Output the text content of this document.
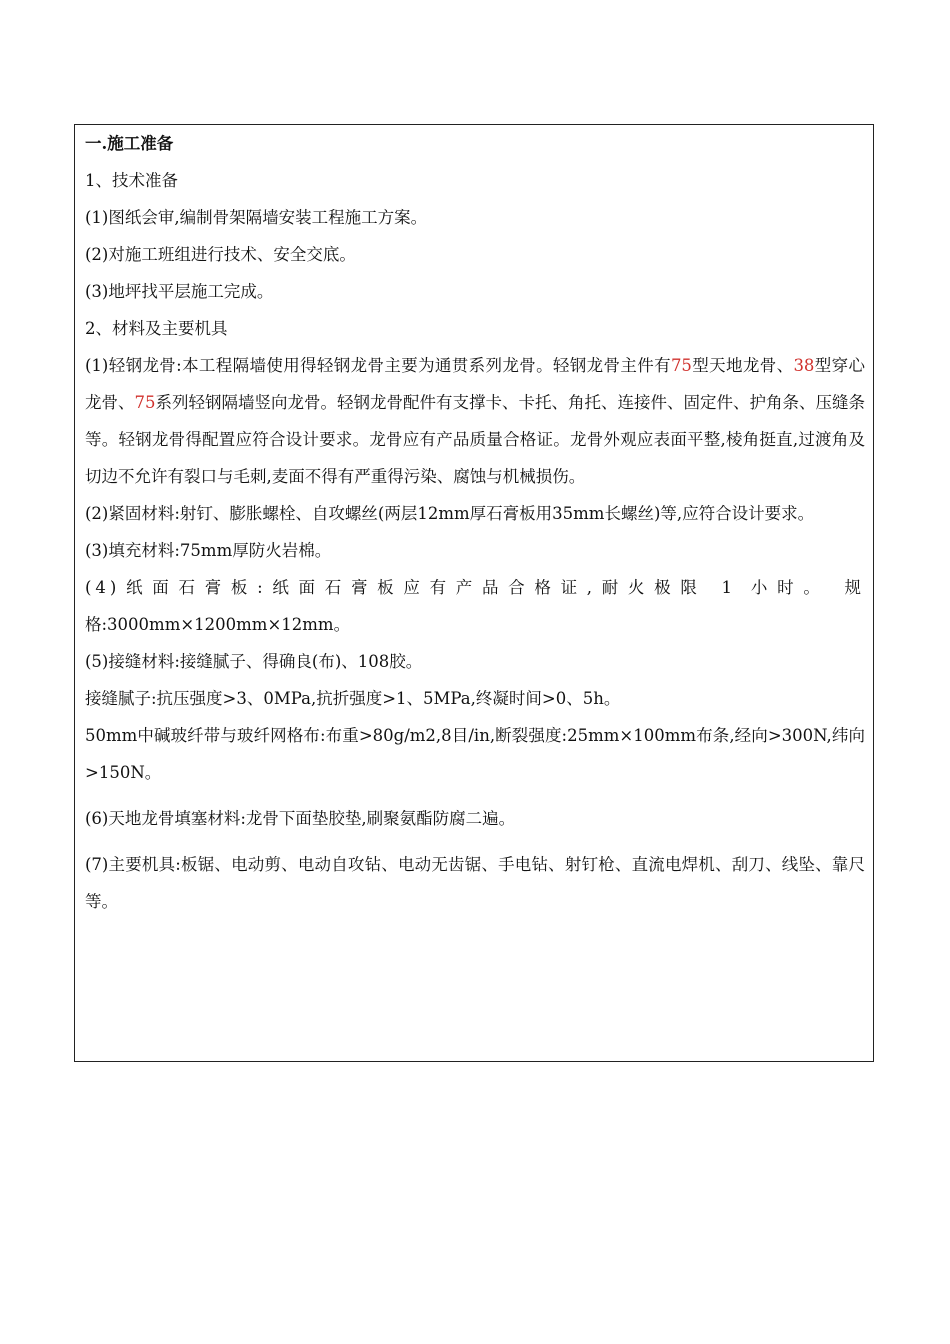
一.施工准备
1、技术准备
(1)图纸会审,编制骨架隔墙安装工程施工方案。
(2)对施工班组进行技术、安全交底。
(3)地坪找平层施工完成。
2、材料及主要机具
(1)轻钢龙骨:本工程隔墙使用得轻钢龙骨主要为通贯系列龙骨。轻钢龙骨主件有75型天地龙骨、38型穿心龙骨、75系列轻钢隔墙竖向龙骨。轻钢龙骨配件有支撑卡、卡托、角托、连接件、固定件、护角条、压缝条等。轻钢龙骨得配置应符合设计要求。龙骨应有产品质量合格证。龙骨外观应表面平整,棱角挺直,过渡角及切边不允许有裂口与毛刺,麦面不得有严重得污染、腐蚀与机械损伤。
(2)紧固材料:射钉、膨胀螺栓、自攻螺丝(两层12mm厚石膏板用35mm长螺丝)等,应符合设计要求。
(3)填充材料:75mm厚防火岩棉。
(4)纸面石膏板:纸面石膏板应有产品合格证,耐火极限 1 小时。 规
格:3000mm×1200mm×12mm。
(5)接缝材料:接缝腻子、得确良(布)、108胶。
接缝腻子:抗压强度>3、0MPa,抗折强度>1、5MPa,终凝时间>0、5h。
50mm中碱玻纤带与玻纤网格布:布重>80g/m2,8目/in,断裂强度:25mm×100mm布条,经向>300N,纬向>150N。
(6)天地龙骨填塞材料:龙骨下面垫胶垫,刷聚氨酯防腐二遍。
(7)主要机具:板锯、电动剪、电动自攻钻、电动无齿锯、手电钻、射钉枪、直流电焊机、刮刀、线坠、靠尺等。
